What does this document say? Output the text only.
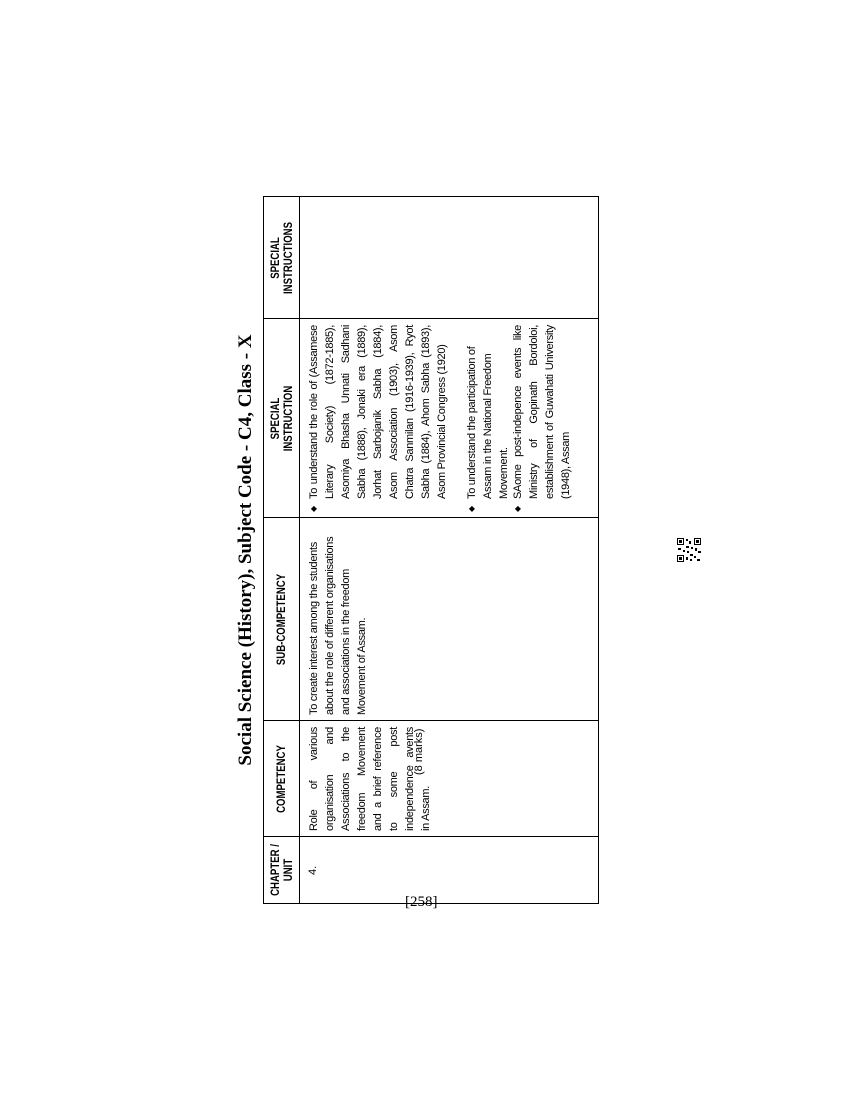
Social Science (History), Subject Code - C4, Class - X
CHAPTER / UNIT
COMPETENCY
SUB-COMPETENCY
SPECIAL INSTRUCTION
SPECIAL INSTRUCTIONS
4.
Role of various organisation and Associations to the freedom Movement and a brief reference to some post independence avents in Assam.
(8 marks)
To create interest among the students about the role of different organisations and associations in the freedom Movement of Assam.
◆
To understand the role of (Assamese Literary Society) (1872-1885), Asomiya Bhasha Unnati Sadhani Sabha (1888), Jonaki era (1889), Jorhat Sarbojanik Sabha (1884), Asom Association (1903), Asom Chatra Sanmilan (1916-1939), Ryot Sabha (1884), Ahom Sabha (1893), Asom Provincial Congress (1920)
◆
To understand the participation of Assam in the National Freedom Movement.
◆
SAome post-indepence events like Ministry of Gopinath Bordoloi, establishment of Guwahati University (1948), Assam
[258]
